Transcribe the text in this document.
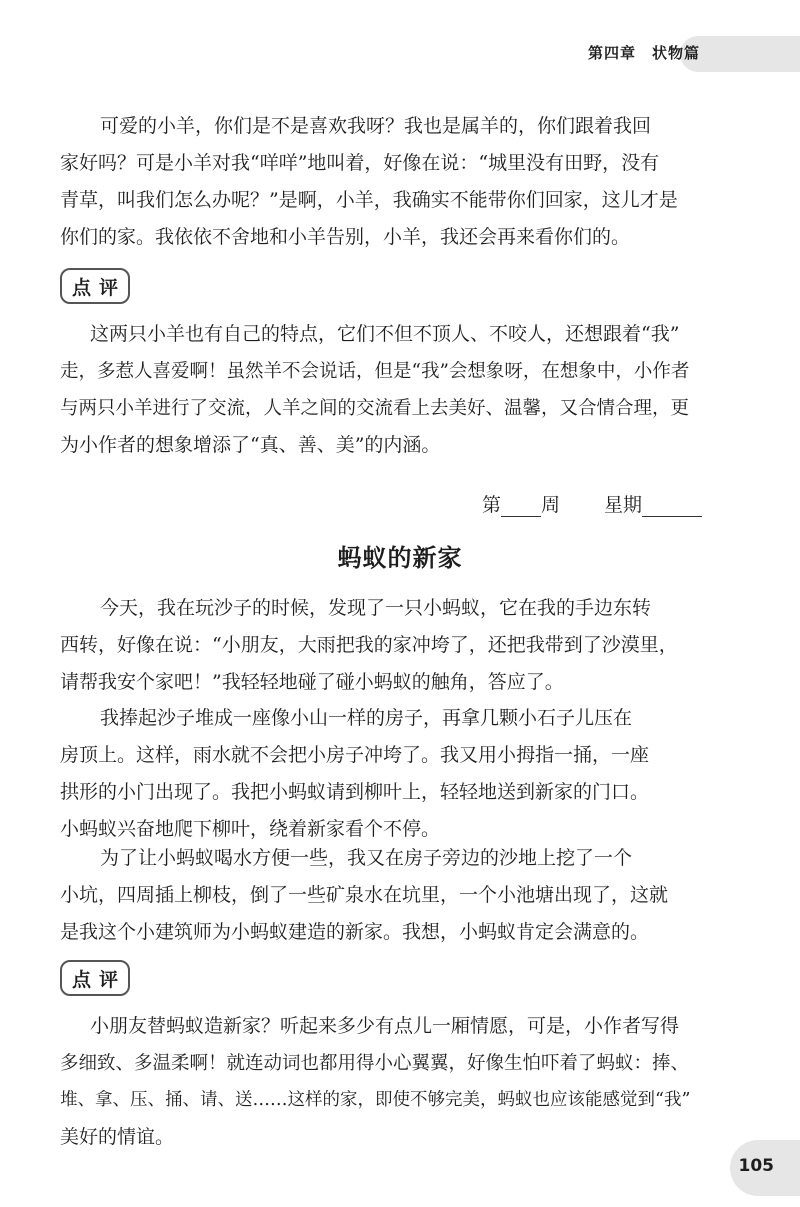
第四章　状物篇
可爱的小羊，你们是不是喜欢我呀？我也是属羊的，你们跟着我回
家好吗？可是小羊对我“咩咩”地叫着，好像在说：“城里没有田野，没有
青草，叫我们怎么办呢？”是啊，小羊，我确实不能带你们回家，这儿才是
你们的家。我依依不舍地和小羊告别，小羊，我还会再来看你们的。
点评
这两只小羊也有自己的特点，它们不但不顶人、不咬人，还想跟着“我”
走，多惹人喜爱啊！虽然羊不会说话，但是“我”会想象呀，在想象中，小作者
与两只小羊进行了交流，人羊之间的交流看上去美好、温馨，又合情合理，更
为小作者的想象增添了“真、善、美”的内涵。
第 周 星期
蚂蚁的新家
今天，我在玩沙子的时候，发现了一只小蚂蚁，它在我的手边东转
西转，好像在说：“小朋友，大雨把我的家冲垮了，还把我带到了沙漠里，
请帮我安个家吧！”我轻轻地碰了碰小蚂蚁的触角，答应了。
我捧起沙子堆成一座像小山一样的房子，再拿几颗小石子儿压在
房顶上。这样，雨水就不会把小房子冲垮了。我又用小拇指一捅，一座
拱形的小门出现了。我把小蚂蚁请到柳叶上，轻轻地送到新家的门口。
小蚂蚁兴奋地爬下柳叶，绕着新家看个不停。
为了让小蚂蚁喝水方便一些，我又在房子旁边的沙地上挖了一个
小坑，四周插上柳枝，倒了一些矿泉水在坑里，一个小池塘出现了，这就
是我这个小建筑师为小蚂蚁建造的新家。我想，小蚂蚁肯定会满意的。
点评
小朋友替蚂蚁造新家？听起来多少有点儿一厢情愿，可是，小作者写得
多细致、多温柔啊！就连动词也都用得小心翼翼，好像生怕吓着了蚂蚁：捧、
堆、拿、压、捅、请、送……这样的家，即使不够完美，蚂蚁也应该能感觉到“我”
美好的情谊。
105
